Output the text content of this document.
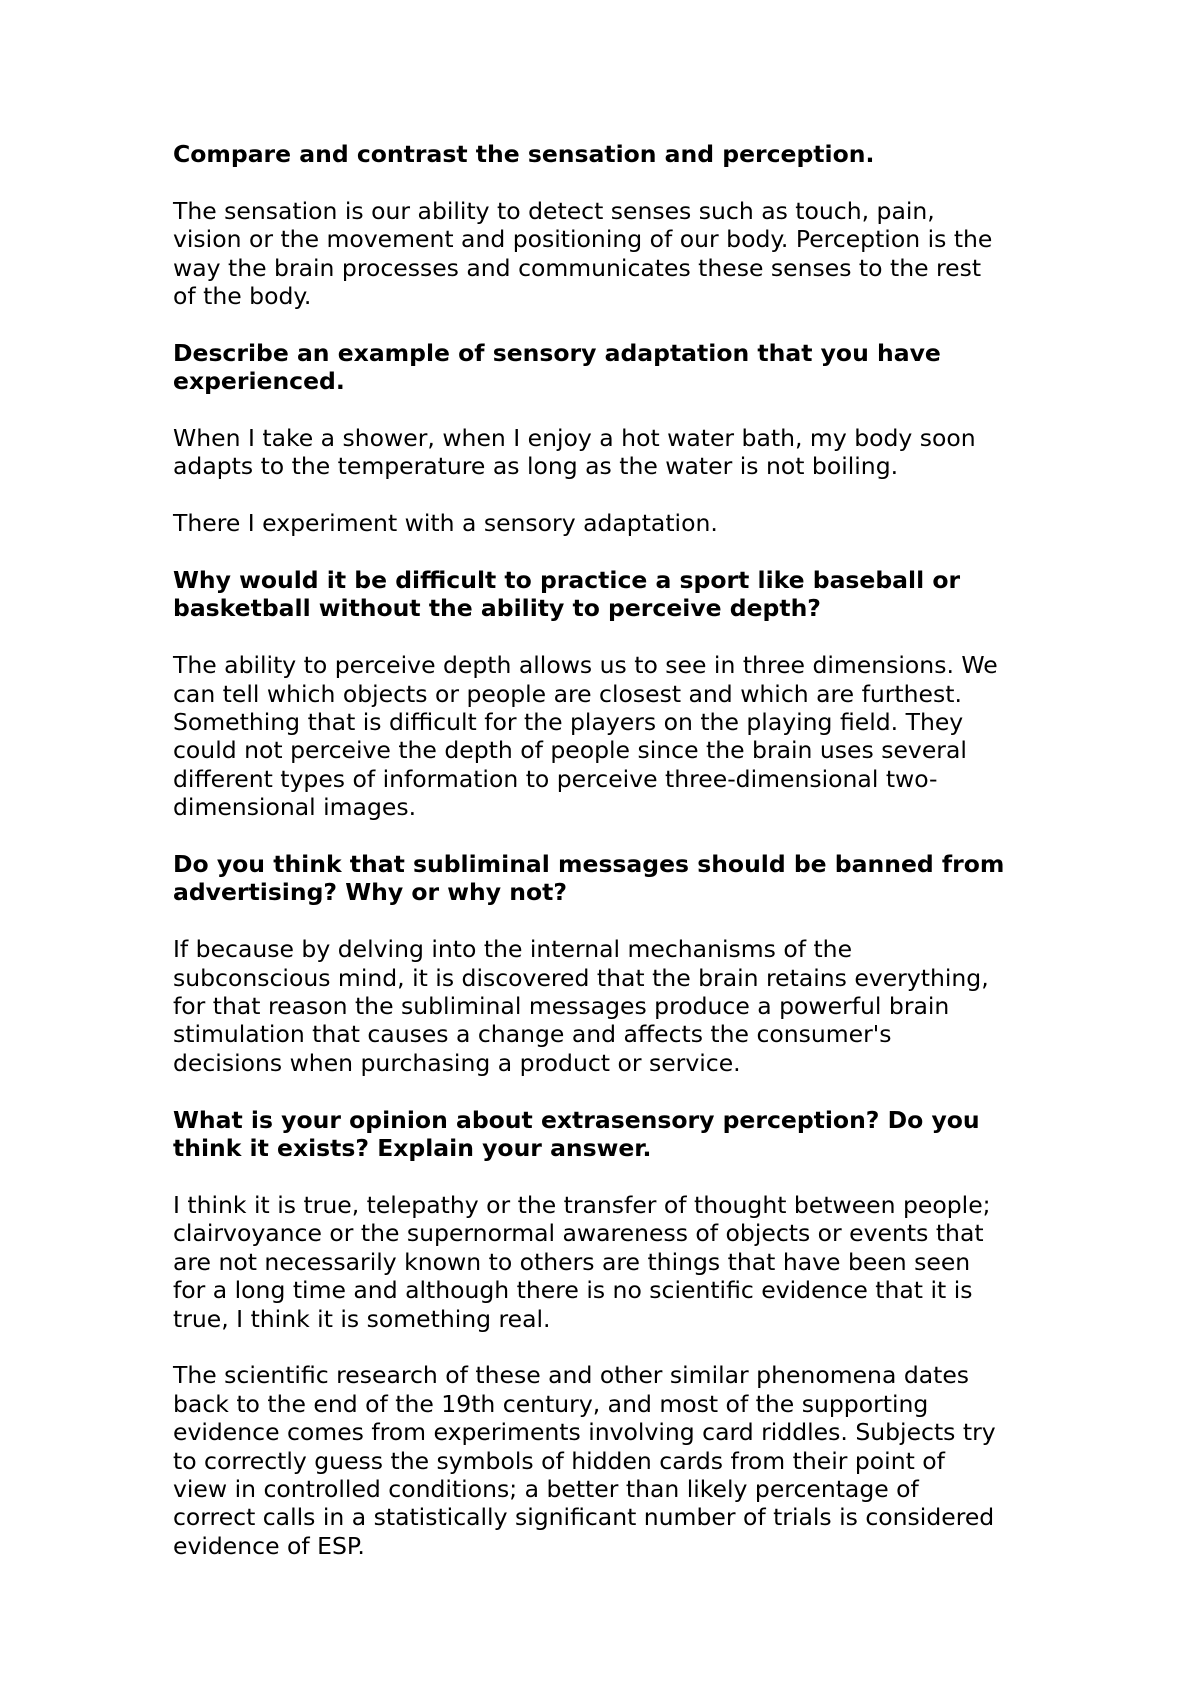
Compare and contrast the sensation and perception.

The sensation is our ability to detect senses such as touch, pain,
vision or the movement and positioning of our body. Perception is the
way the brain processes and communicates these senses to the rest
of the body.

Describe an example of sensory adaptation that you have
experienced.

When I take a shower, when I enjoy a hot water bath, my body soon
adapts to the temperature as long as the water is not boiling.

There I experiment with a sensory adaptation.

Why would it be difficult to practice a sport like baseball or
basketball without the ability to perceive depth?

The ability to perceive depth allows us to see in three dimensions. We
can tell which objects or people are closest and which are furthest.
Something that is difficult for the players on the playing field. They
could not perceive the depth of people since the brain uses several
different types of information to perceive three-dimensional two-
dimensional images.

Do you think that subliminal messages should be banned from
advertising? Why or why not?

If because by delving into the internal mechanisms of the
subconscious mind, it is discovered that the brain retains everything,
for that reason the subliminal messages produce a powerful brain
stimulation that causes a change and affects the consumer's
decisions when purchasing a product or service.

What is your opinion about extrasensory perception? Do you
think it exists? Explain your answer.

I think it is true, telepathy or the transfer of thought between people;
clairvoyance or the supernormal awareness of objects or events that
are not necessarily known to others are things that have been seen
for a long time and although there is no scientific evidence that it is
true, I think it is something real.

The scientific research of these and other similar phenomena dates
back to the end of the 19th century, and most of the supporting
evidence comes from experiments involving card riddles. Subjects try
to correctly guess the symbols of hidden cards from their point of
view in controlled conditions; a better than likely percentage of
correct calls in a statistically significant number of trials is considered
evidence of ESP.
